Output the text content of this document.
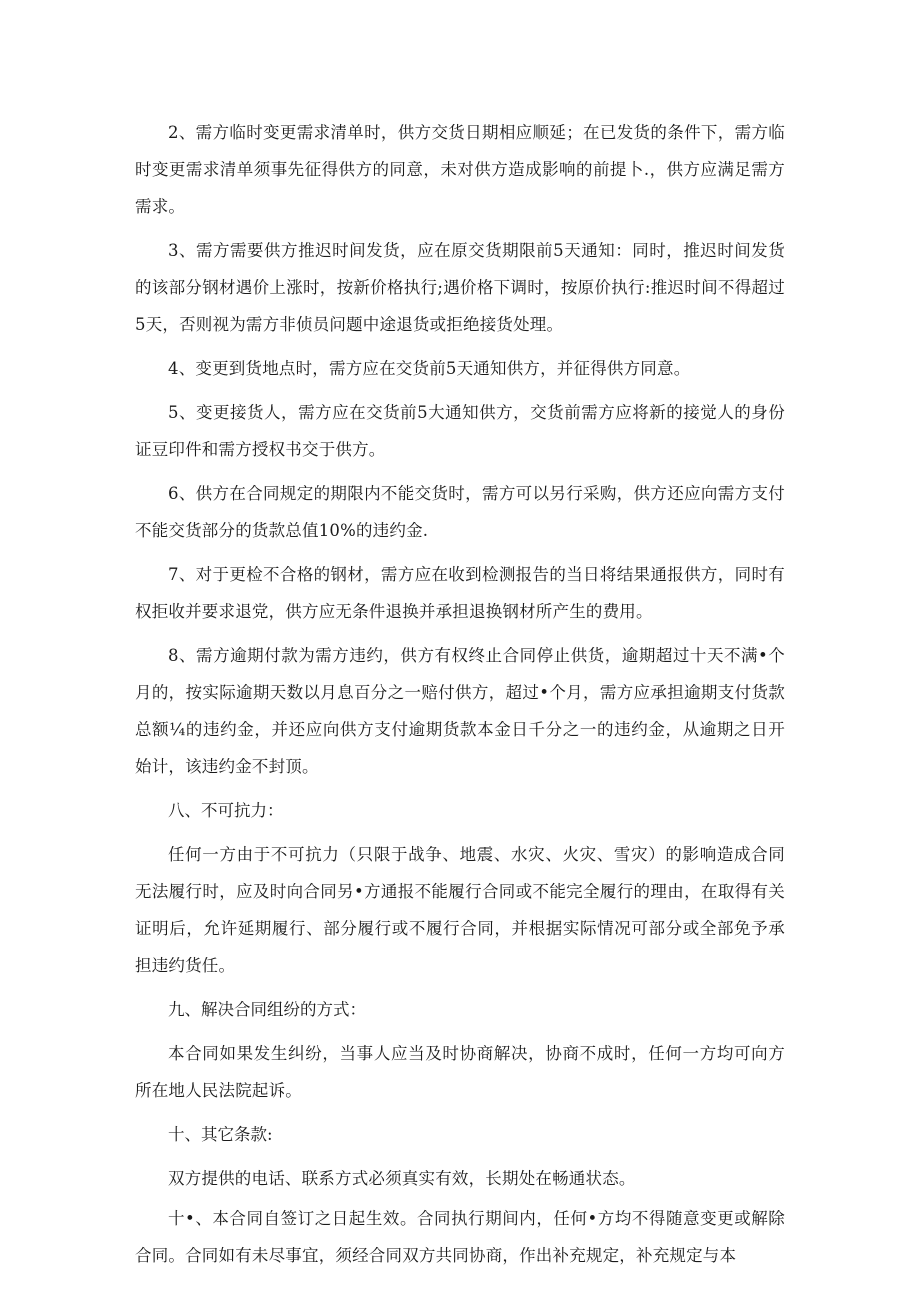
2、需方临时变更需求清单时，供方交货日期相应顺延；在已发货的条件下，需方临时变更需求清单须事先征得供方的同意，未对供方造成影响的前提卜.，供方应满足需方需求。

3、需方需要供方推迟时间发货，应在原交货期限前5天通知：同时，推迟时间发货的该部分钢材遇价上涨时，按新价格执行;遇价格下调时，按原价执行:推迟时间不得超过5天，否则视为需方非侦员问题中途退货或拒绝接货处理。

4、变更到货地点时，需方应在交货前5天通知供方，并征得供方同意。

5、变更接货人，需方应在交货前5大通知供方，交货前需方应将新的接觉人的身份证豆印件和需方授权书交于供方。

6、供方在合同规定的期限内不能交货时，需方可以另行采购，供方还应向需方支付不能交货部分的货款总值10%的违约金.

7、对于更检不合格的钢材，需方应在收到检测报告的当日将结果通报供方，同时有权拒收并要求退党，供方应无条件退换并承担退换钢材所产生的费用。

8、需方逾期付款为需方违约，供方有权终止合同停止供货，逾期超过十天不满•个月的，按实际逾期天数以月息百分之一赔付供方，超过•个月，需方应承担逾期支付货款总额¼的违约金，并还应向供方支付逾期货款本金日千分之一的违约金，从逾期之日开始计，该违约金不封顶。

八、不可抗力：

任何一方由于不可抗力（只限于战争、地震、水灾、火灾、雪灾）的影响造成合同无法履行时，应及时向合同另•方通报不能履行合同或不能完全履行的理由，在取得有关证明后，允许延期履行、部分履行或不履行合同，并根据实际情况可部分或全部免予承担违约货任。

九、解决合同组纷的方式：

本合同如果发生纠纷，当事人应当及时协商解决，协商不成时，任何一方均可向方所在地人民法院起诉。

十、其它条款:

双方提供的电话、联系方式必须真实有效，长期处在畅通状态。

十•、本合同自签订之日起生效。合同执行期间内，任何•方均不得随意变更或解除合同。合同如有未尽事宜，须经合同双方共同协商，作出补充规定，补充规定与本
